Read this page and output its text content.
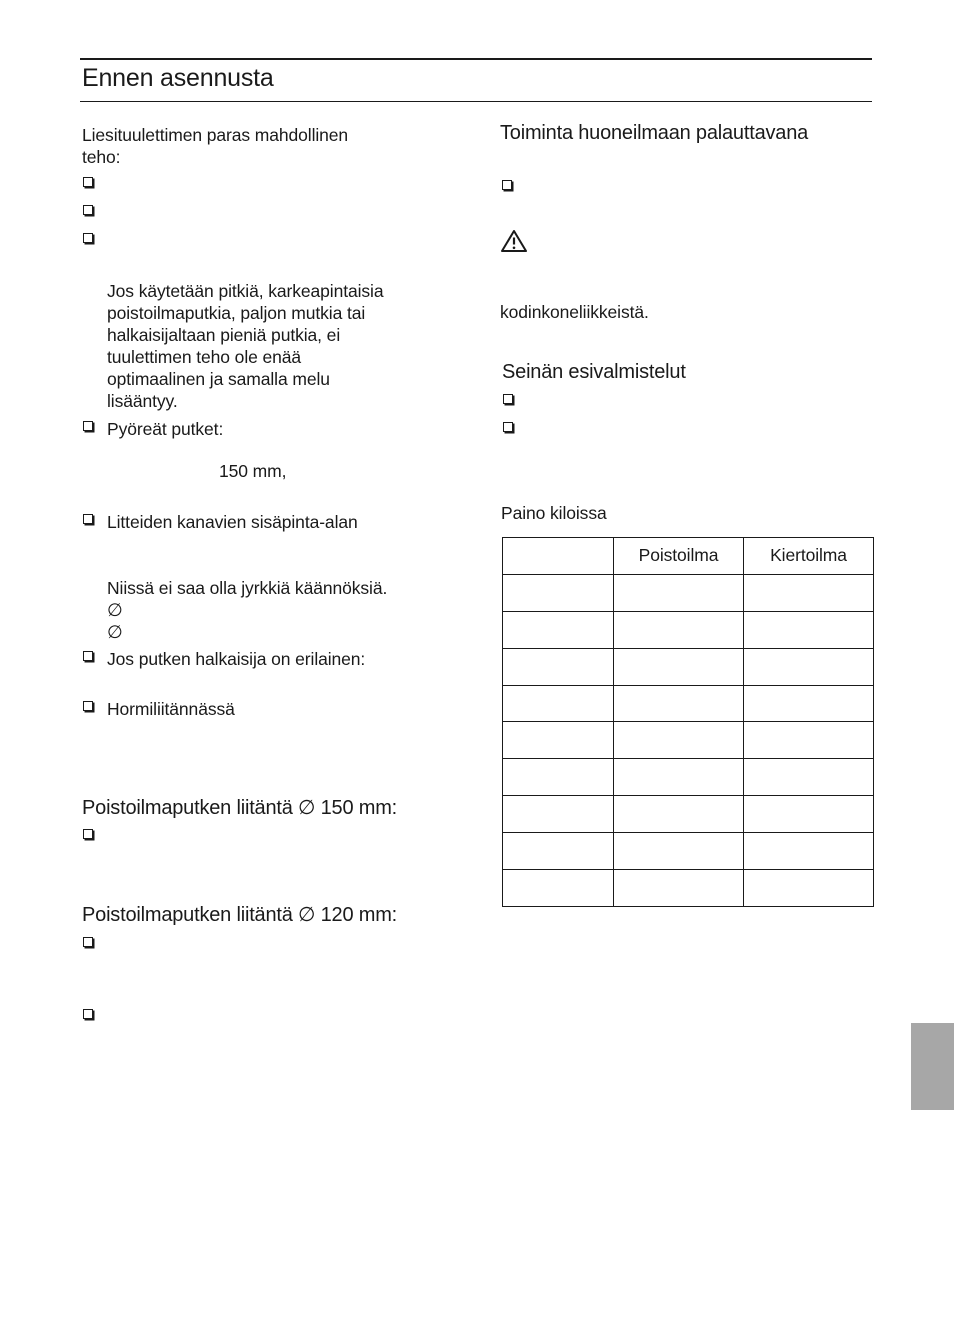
Ennen asennusta
Liesituulettimen paras mahdollinen
teho:
Jos käytetään pitkiä, karkeapintaisia
poistoilmaputkia, paljon mutkia tai
halkaisijaltaan pieniä putkia, ei
tuulettimen teho ole enää
optimaalinen ja samalla melu
lisääntyy.
Pyöreät putket:
150 mm,
Litteiden kanavien sisäpinta-alan
Niissä ei saa olla jyrkkiä käännöksiä.
∅
∅
Jos putken halkaisija on erilainen:
Hormiliitännässä
Poistoilmaputken liitäntä ∅ 150 mm:
Poistoilmaputken liitäntä ∅ 120 mm:
Toiminta huoneilmaan palauttavana
kodinkoneliikkeistä.
Seinän esivalmistelut
Paino kiloissa
	Poistoilma	Kiertoilma
